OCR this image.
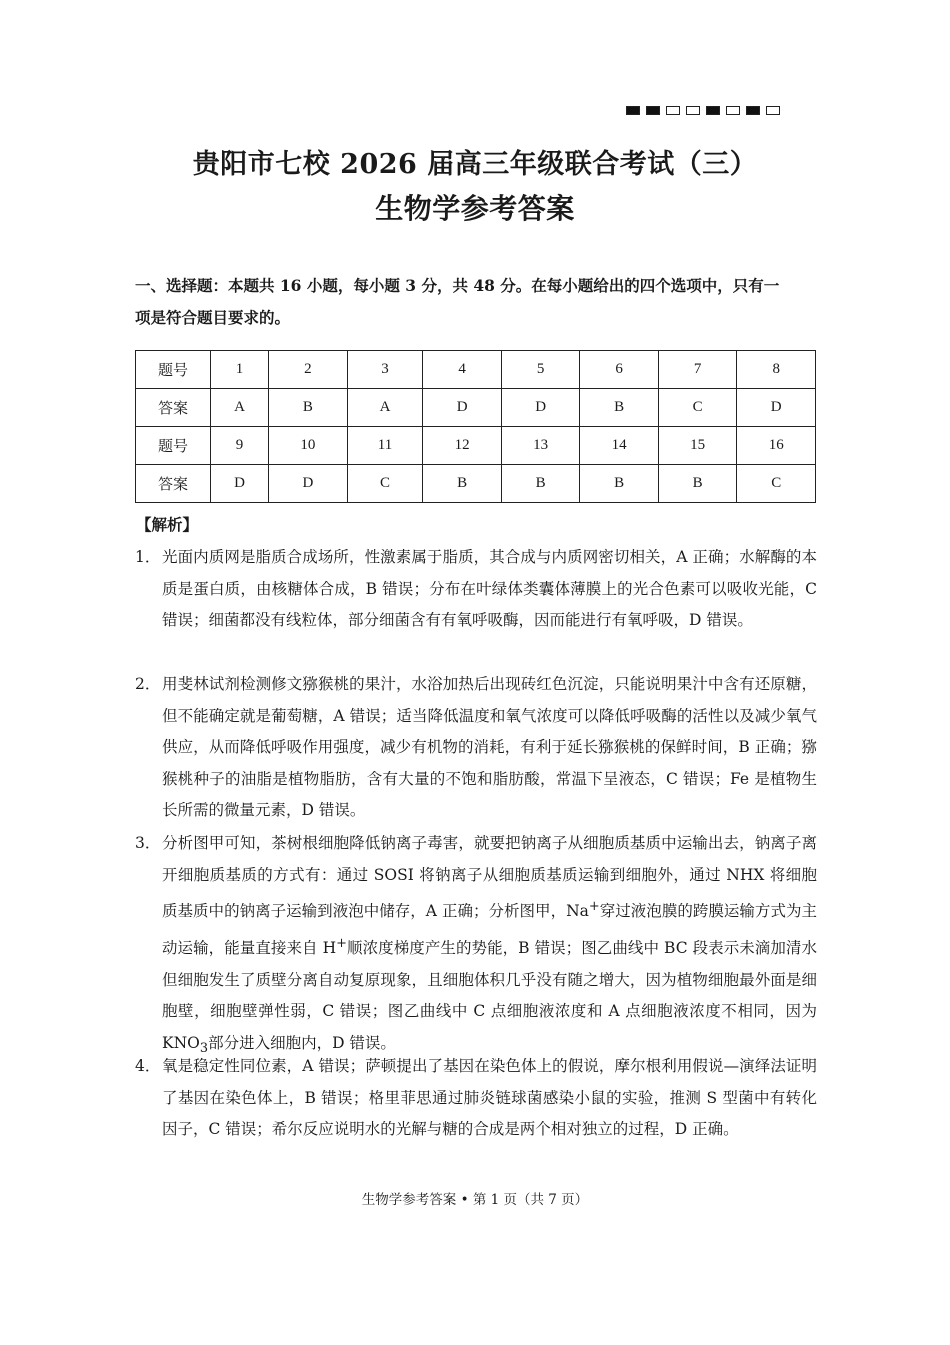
贵阳市七校 2026 届高三年级联合考试（三）
生物学参考答案
一、选择题：本题共 16 小题，每小题 3 分，共 48 分。在每小题给出的四个选项中，只有一
项是符合题目要求的。
题号	1	2	3	4	5	6	7	8
答案	A	B	A	D	D	B	C	D
题号	9	10	11	12	13	14	15	16
答案	D	D	C	B	B	B	B	C
【解析】
1． 光面内质网是脂质合成场所，性激素属于脂质，其合成与内质网密切相关，A 正确；水解酶的本质是蛋白质，由核糖体合成，B 错误；分布在叶绿体类囊体薄膜上的光合色素可以吸收光能，C 错误；细菌都没有线粒体，部分细菌含有有氧呼吸酶，因而能进行有氧呼吸，D 错误。
2． 用斐林试剂检测修文猕猴桃的果汁，水浴加热后出现砖红色沉淀，只能说明果汁中含有还原糖，但不能确定就是葡萄糖，A 错误；适当降低温度和氧气浓度可以降低呼吸酶的活性以及减少氧气供应，从而降低呼吸作用强度，减少有机物的消耗，有利于延长猕猴桃的保鲜时间，B 正确；猕猴桃种子的油脂是植物脂肪，含有大量的不饱和脂肪酸，常温下呈液态，C 错误；Fe 是植物生长所需的微量元素，D 错误。
3． 分析图甲可知，茶树根细胞降低钠离子毒害，就要把钠离子从细胞质基质中运输出去，钠离子离开细胞质基质的方式有：通过 SOSI 将钠离子从细胞质基质运输到细胞外，通过 NHX 将细胞质基质中的钠离子运输到液泡中储存，A 正确；分析图甲，Na+穿过液泡膜的跨膜运输方式为主动运输，能量直接来自 H+顺浓度梯度产生的势能，B 错误；图乙曲线中 BC 段表示未滴加清水但细胞发生了质壁分离自动复原现象，且细胞体积几乎没有随之增大，因为植物细胞最外面是细胞壁，细胞壁弹性弱，C 错误；图乙曲线中 C 点细胞液浓度和 A 点细胞液浓度不相同，因为 $KNO_3$部分进入细胞内，D 错误。
4． 氧是稳定性同位素，A 错误；萨顿提出了基因在染色体上的假说，摩尔根利用假说—演绎法证明了基因在染色体上，B 错误；格里菲思通过肺炎链球菌感染小鼠的实验，推测 S 型菌中有转化因子，C 错误；希尔反应说明水的光解与糖的合成是两个相对独立的过程，D 正确。
生物学参考答案 • 第 1 页（共 7 页）
